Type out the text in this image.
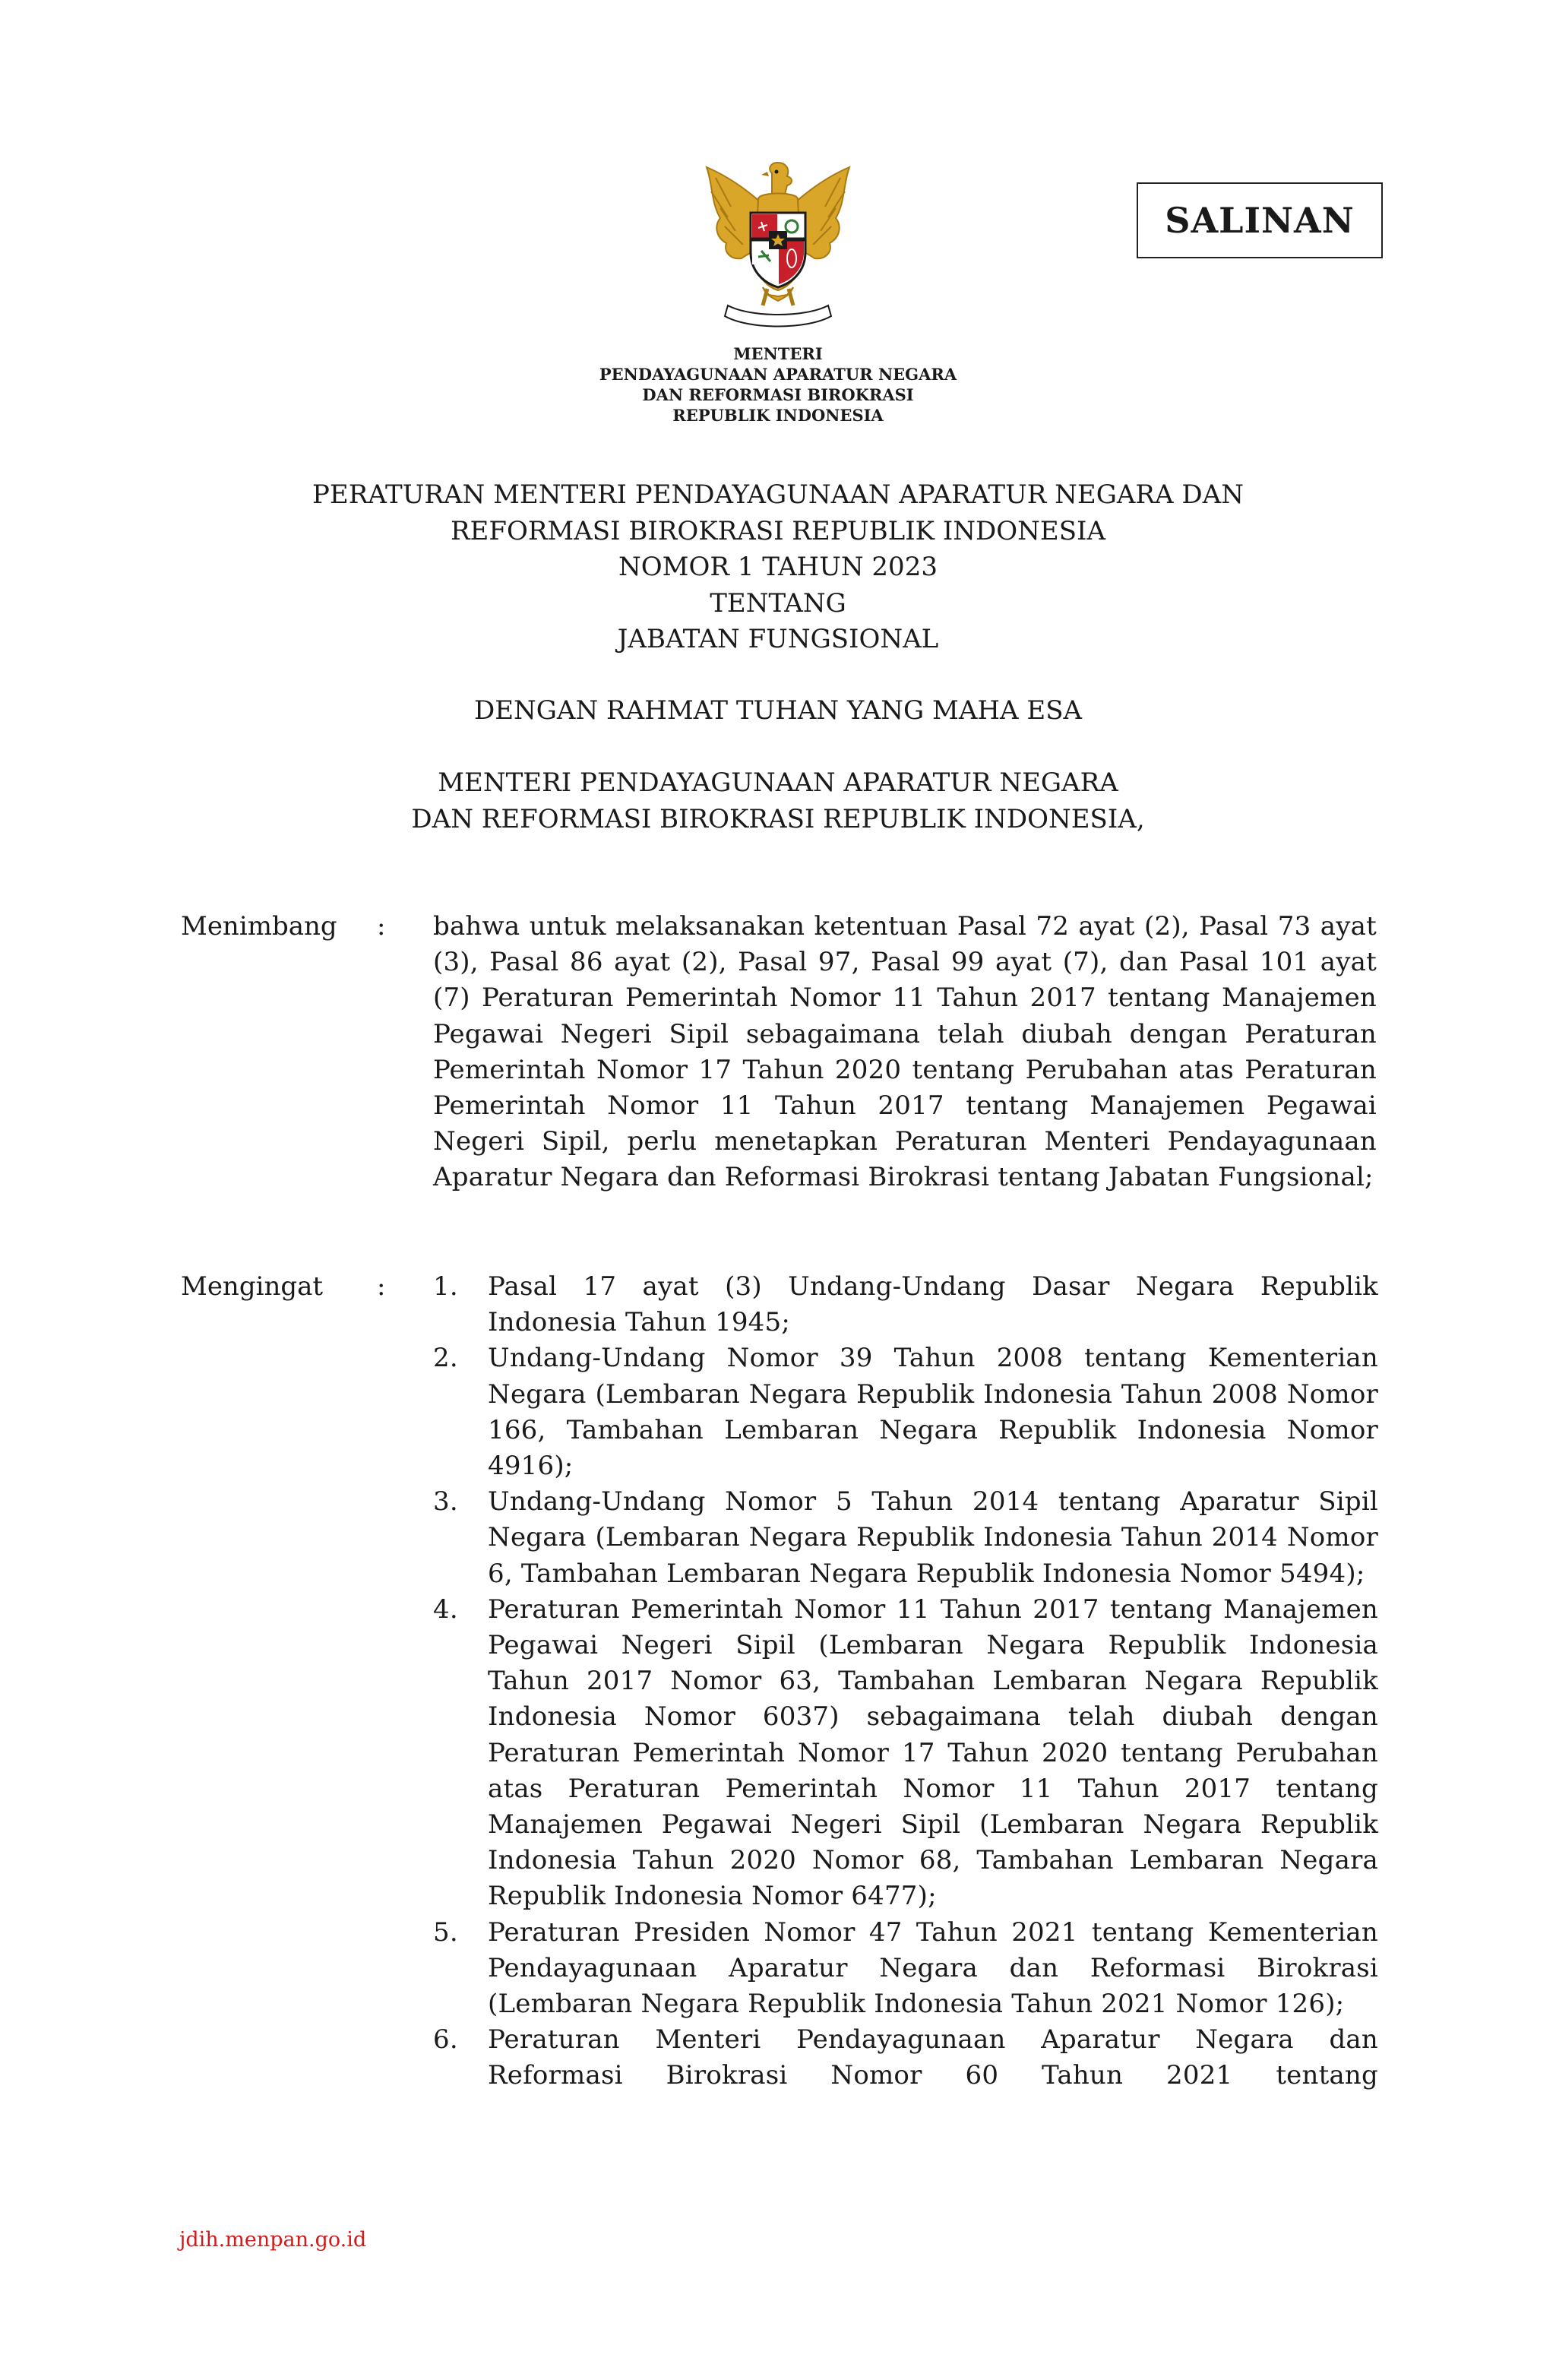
SALINAN
MENTERI
PENDAYAGUNAAN APARATUR NEGARA
DAN REFORMASI BIROKRASI
REPUBLIK INDONESIA
PERATURAN MENTERI PENDAYAGUNAAN APARATUR NEGARA DAN
REFORMASI BIROKRASI REPUBLIK INDONESIA
NOMOR 1 TAHUN 2023
TENTANG
JABATAN FUNGSIONAL
DENGAN RAHMAT TUHAN YANG MAHA ESA
MENTERI PENDAYAGUNAAN APARATUR NEGARA
DAN REFORMASI BIROKRASI REPUBLIK INDONESIA,
Menimbang : bahwa untuk melaksanakan ketentuan Pasal 72 ayat (2), Pasal 73 ayat (3), Pasal 86 ayat (2), Pasal 97, Pasal 99 ayat (7), dan Pasal 101 ayat (7) Peraturan Pemerintah Nomor 11 Tahun 2017 tentang Manajemen Pegawai Negeri Sipil sebagaimana telah diubah dengan Peraturan Pemerintah Nomor 17 Tahun 2020 tentang Perubahan atas Peraturan Pemerintah Nomor 11 Tahun 2017 tentang Manajemen Pegawai Negeri Sipil, perlu menetapkan Peraturan Menteri Pendayagunaan Aparatur Negara dan Reformasi Birokrasi tentang Jabatan Fungsional;
Mengingat : 1. Pasal 17 ayat (3) Undang-Undang Dasar Negara Republik Indonesia Tahun 1945;
2. Undang-Undang Nomor 39 Tahun 2008 tentang Kementerian Negara (Lembaran Negara Republik Indonesia Tahun 2008 Nomor 166, Tambahan Lembaran Negara Republik Indonesia Nomor 4916);
3. Undang-Undang Nomor 5 Tahun 2014 tentang Aparatur Sipil Negara (Lembaran Negara Republik Indonesia Tahun 2014 Nomor 6, Tambahan Lembaran Negara Republik Indonesia Nomor 5494);
4. Peraturan Pemerintah Nomor 11 Tahun 2017 tentang Manajemen Pegawai Negeri Sipil (Lembaran Negara Republik Indonesia Tahun 2017 Nomor 63, Tambahan Lembaran Negara Republik Indonesia Nomor 6037) sebagaimana telah diubah dengan Peraturan Pemerintah Nomor 17 Tahun 2020 tentang Perubahan atas Peraturan Pemerintah Nomor 11 Tahun 2017 tentang Manajemen Pegawai Negeri Sipil (Lembaran Negara Republik Indonesia Tahun 2020 Nomor 68, Tambahan Lembaran Negara Republik Indonesia Nomor 6477);
5. Peraturan Presiden Nomor 47 Tahun 2021 tentang Kementerian Pendayagunaan Aparatur Negara dan Reformasi Birokrasi (Lembaran Negara Republik Indonesia Tahun 2021 Nomor 126);
6. Peraturan Menteri Pendayagunaan Aparatur Negara dan Reformasi Birokrasi Nomor 60 Tahun 2021 tentang
jdih.menpan.go.id
